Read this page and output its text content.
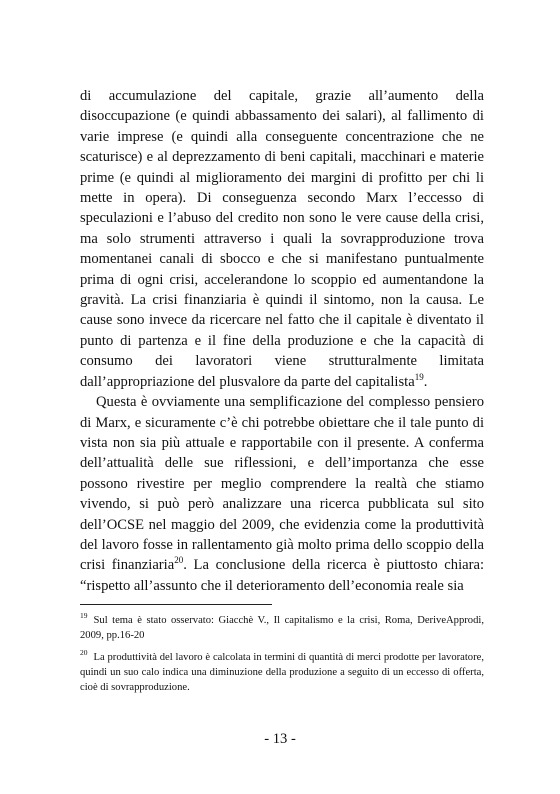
di accumulazione del capitale, grazie all’aumento della disoccupazione (e quindi abbassamento dei salari), al fallimento di varie imprese (e quindi alla conseguente concentrazione che ne scaturisce) e al deprezzamento di beni capitali, macchinari e materie prime (e quindi al miglioramento dei margini di profitto per chi li mette in opera). Di conseguenza secondo Marx l’eccesso di speculazioni e l’abuso del credito non sono le vere cause della crisi, ma solo strumenti attraverso i quali la sovrapproduzione trova momentanei canali di sbocco e che si manifestano puntualmente prima di ogni crisi, accelerandone lo scoppio ed aumentandone la gravità. La crisi finanziaria è quindi il sintomo, non la causa. Le cause sono invece da ricercare nel fatto che il capitale è diventato il punto di partenza e il fine della produzione e che la capacità di consumo dei lavoratori viene strutturalmente limitata dall’appropriazione del plusvalore da parte del capitalista$^{19}$.

Questa è ovviamente una semplificazione del complesso pensiero di Marx, e sicuramente c’è chi potrebbe obiettare che il tale punto di vista non sia più attuale e rapportabile con il presente. A conferma dell’attualità delle sue riflessioni, e dell’importanza che esse possono rivestire per meglio comprendere la realtà che stiamo vivendo, si può però analizzare una ricerca pubblicata sul sito dell’OCSE nel maggio del 2009, che evidenzia come la produttività del lavoro fosse in rallentamento già molto prima dello scoppio della crisi finanziaria$^{20}$. La conclusione della ricerca è piuttosto chiara: “rispetto all’assunto che il deterioramento dell’economia reale sia

$^{19}$ Sul tema è stato osservato: Giacchè V., Il capitalismo e la crisi, Roma, DeriveApprodi, 2009, pp.16-20

$^{20}$ La produttività del lavoro è calcolata in termini di quantità di merci prodotte per lavoratore, quindi un suo calo indica una diminuzione della produzione a seguito di un eccesso di offerta, cioè di sovrapproduzione.

- 13 -
